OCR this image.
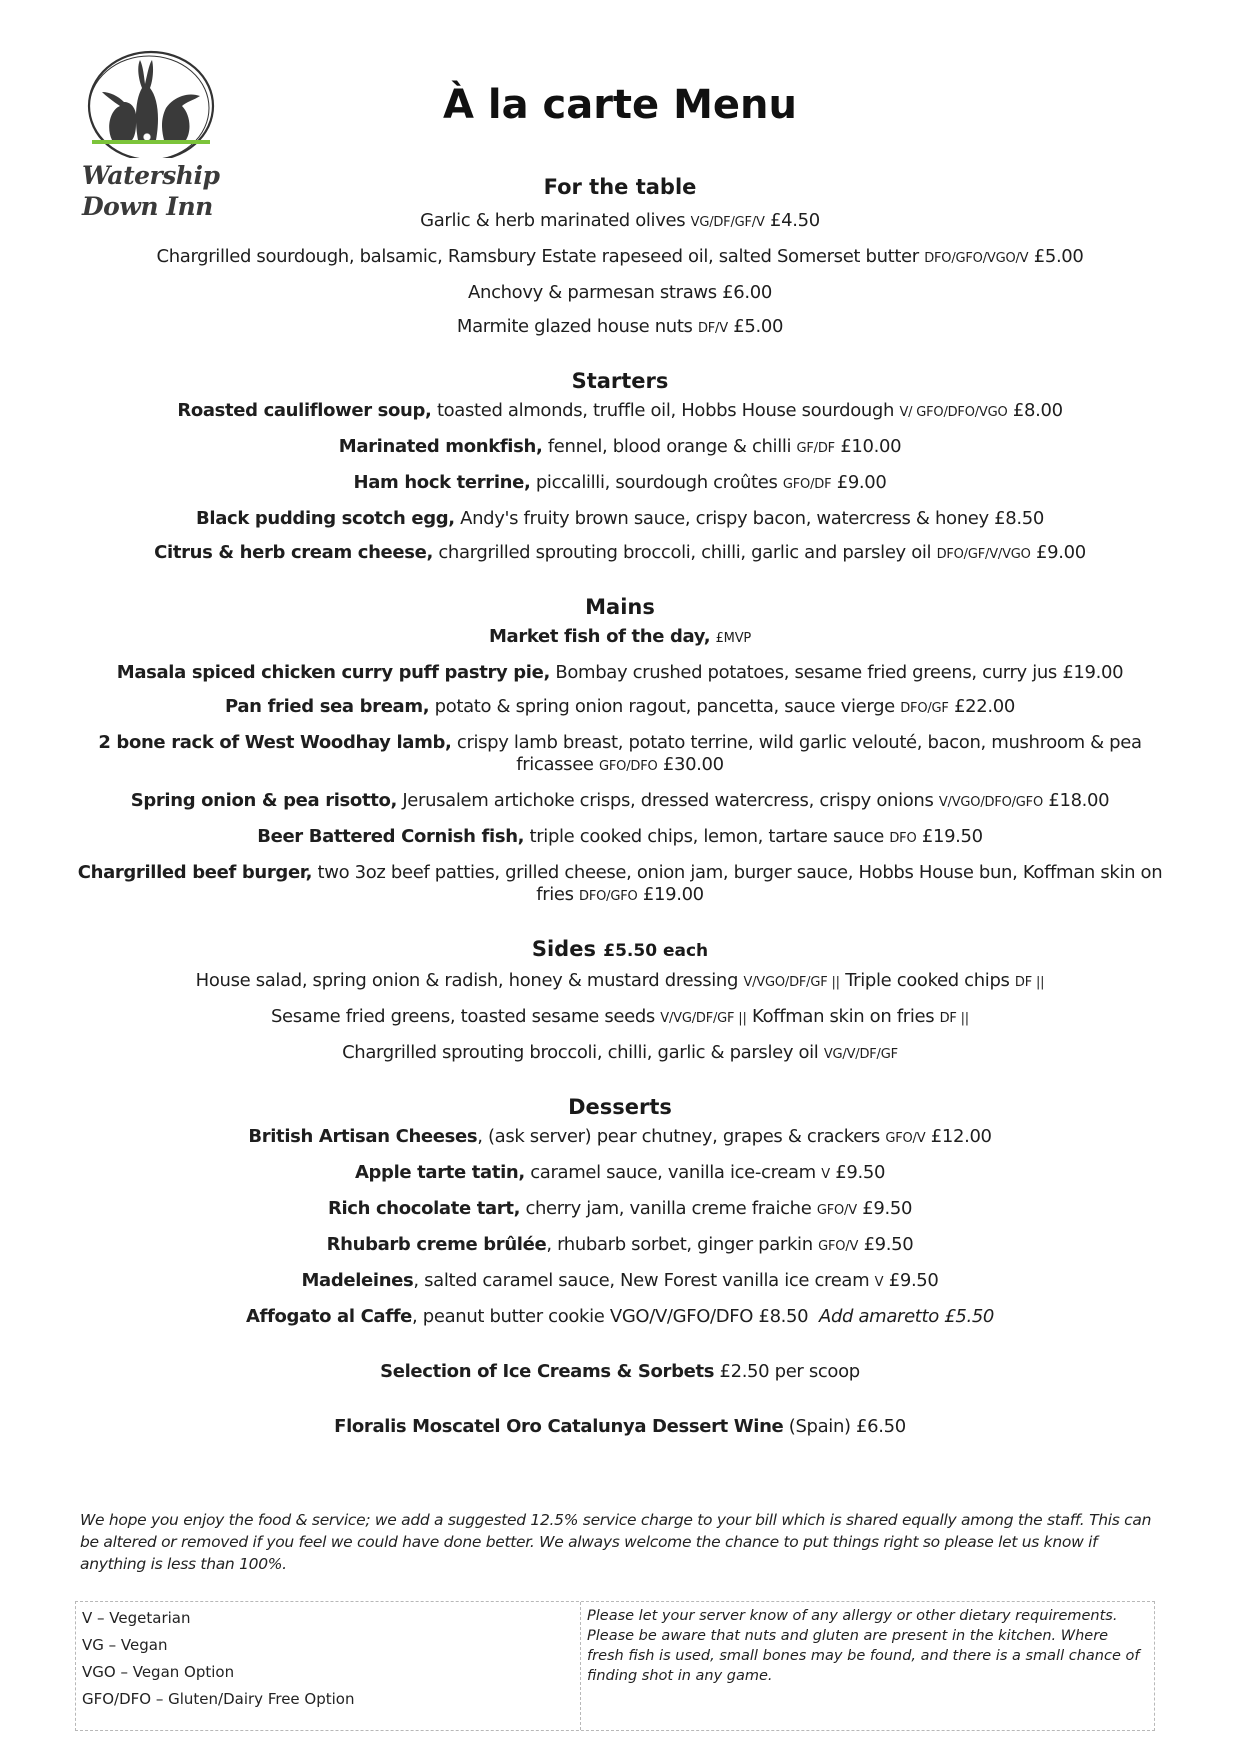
Watership
Down Inn
À la carte Menu
For the table
Garlic & herb marinated olives VG/DF/GF/V £4.50
Chargrilled sourdough, balsamic, Ramsbury Estate rapeseed oil, salted Somerset butter DFO/GFO/VGO/V £5.00
Anchovy & parmesan straws £6.00
Marmite glazed house nuts DF/V £5.00
Starters
Roasted cauliflower soup, toasted almonds, truffle oil, Hobbs House sourdough V/ GFO/DFO/VGO £8.00
Marinated monkfish, fennel, blood orange & chilli GF/DF £10.00
Ham hock terrine, piccalilli, sourdough croûtes GFO/DF £9.00
Black pudding scotch egg, Andy's fruity brown sauce, crispy bacon, watercress & honey £8.50
Citrus & herb cream cheese, chargrilled sprouting broccoli, chilli, garlic and parsley oil DFO/GF/V/VGO £9.00
Mains
Market fish of the day, £MVP
Masala spiced chicken curry puff pastry pie, Bombay crushed potatoes, sesame fried greens, curry jus £19.00
Pan fried sea bream, potato & spring onion ragout, pancetta, sauce vierge DFO/GF £22.00
2 bone rack of West Woodhay lamb, crispy lamb breast, potato terrine, wild garlic velouté, bacon, mushroom & pea fricassee GFO/DFO £30.00
Spring onion & pea risotto, Jerusalem artichoke crisps, dressed watercress, crispy onions V/VGO/DFO/GFO £18.00
Beer Battered Cornish fish, triple cooked chips, lemon, tartare sauce DFO £19.50
Chargrilled beef burger, two 3oz beef patties, grilled cheese, onion jam, burger sauce, Hobbs House bun, Koffman skin on fries DFO/GFO £19.00
Sides £5.50 each
House salad, spring onion & radish, honey & mustard dressing V/VGO/DF/GF || Triple cooked chips DF ||
Sesame fried greens, toasted sesame seeds V/VG/DF/GF || Koffman skin on fries DF ||
Chargrilled sprouting broccoli, chilli, garlic & parsley oil VG/V/DF/GF
Desserts
British Artisan Cheeses, (ask server) pear chutney, grapes & crackers GFO/V £12.00
Apple tarte tatin, caramel sauce, vanilla ice-cream V £9.50
Rich chocolate tart, cherry jam, vanilla creme fraiche GFO/V £9.50
Rhubarb creme brûlée, rhubarb sorbet, ginger parkin GFO/V £9.50
Madeleines, salted caramel sauce, New Forest vanilla ice cream V £9.50
Affogato al Caffe, peanut butter cookie VGO/V/GFO/DFO £8.50 Add amaretto £5.50
Selection of Ice Creams & Sorbets £2.50 per scoop
Floralis Moscatel Oro Catalunya Dessert Wine (Spain) £6.50
We hope you enjoy the food & service; we add a suggested 12.5% service charge to your bill which is shared equally among the staff. This can be altered or removed if you feel we could have done better. We always welcome the chance to put things right so please let us know if anything is less than 100%.
V – Vegetarian
VG – Vegan
VGO – Vegan Option
GFO/DFO – Gluten/Dairy Free Option
Please let your server know of any allergy or other dietary requirements. Please be aware that nuts and gluten are present in the kitchen. Where fresh fish is used, small bones may be found, and there is a small chance of finding shot in any game.
